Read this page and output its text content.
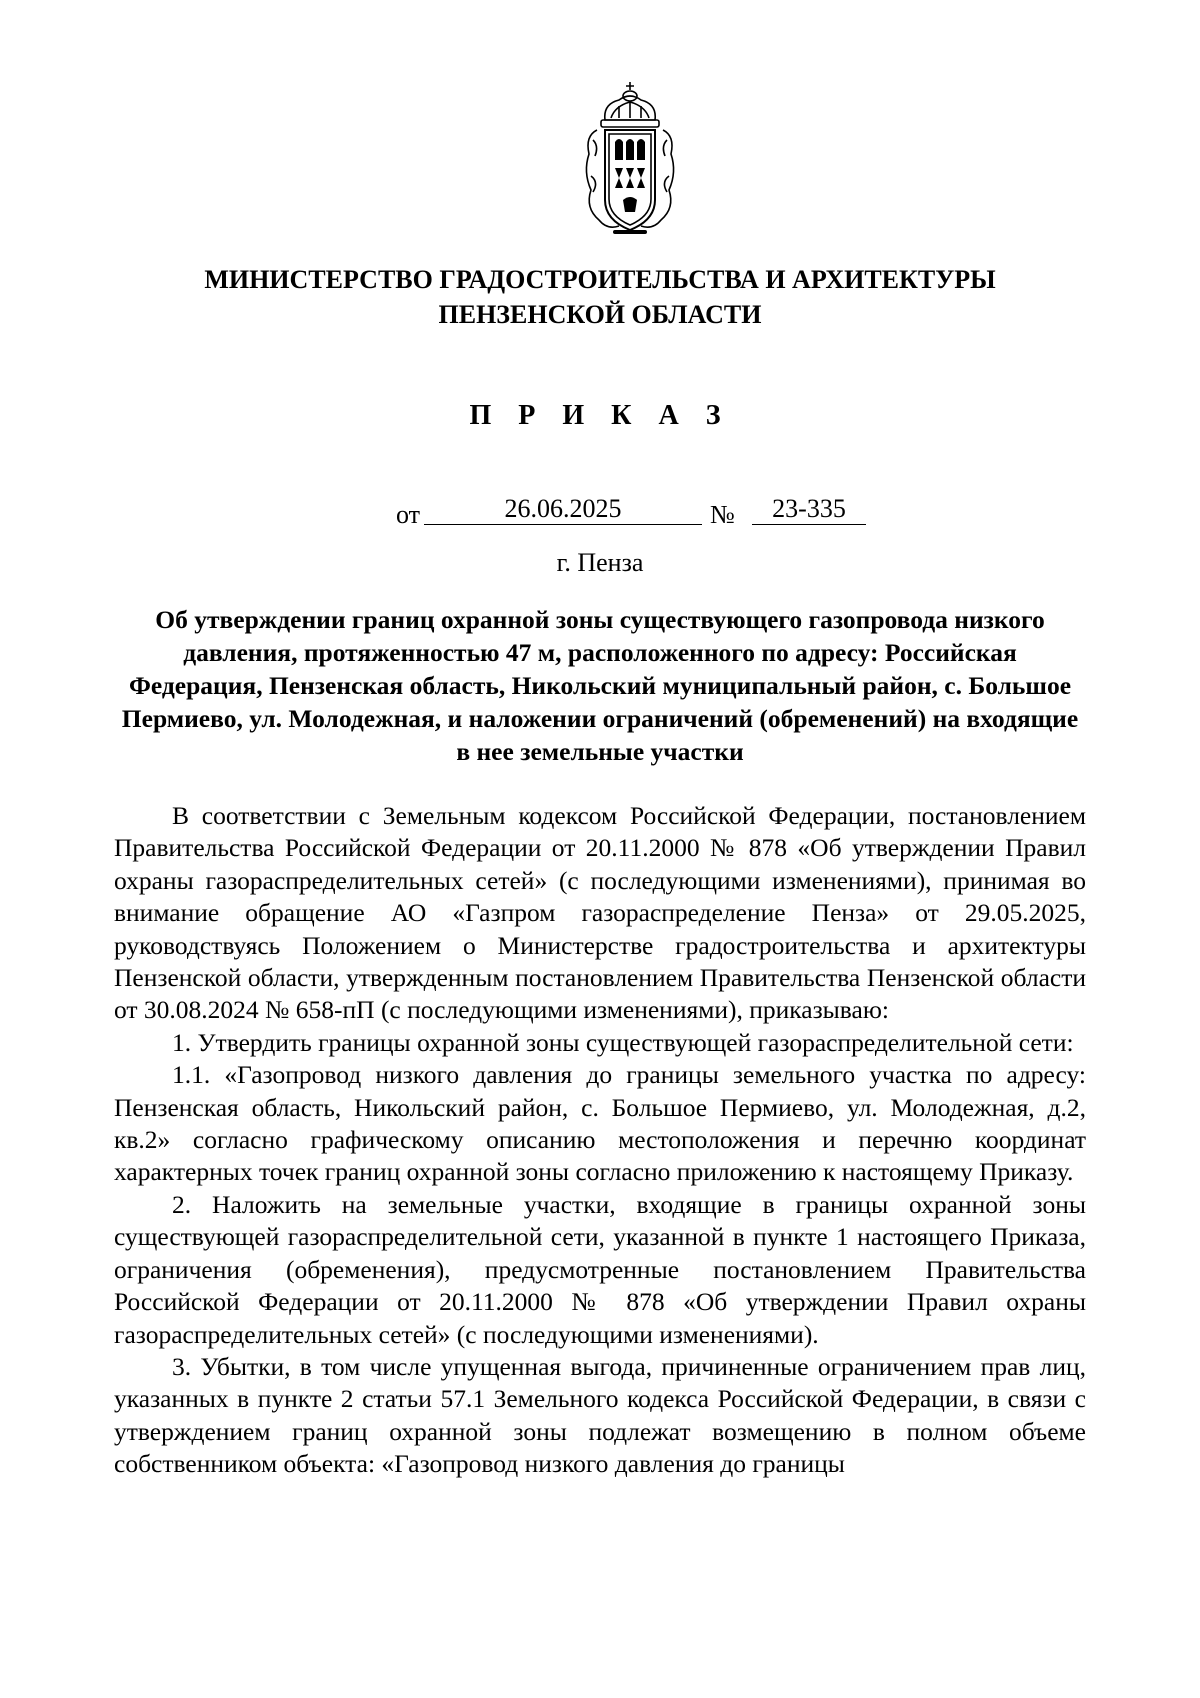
МИНИСТЕРСТВО ГРАДОСТРОИТЕЛЬСТВА И АРХИТЕКТУРЫ
ПЕНЗЕНСКОЙ ОБЛАСТИ
П Р И К А З
от	26.06.2025	№	23-335
г. Пенза
Об утверждении границ охранной зоны существующего газопровода низкого давления, протяженностью 47 м, расположенного по адресу: Российская Федерация, Пензенская область, Никольский муниципальный район, с. Большое Пермиево, ул. Молодежная, и наложении ограничений (обременений) на входящие в нее земельные участки

В соответствии с Земельным кодексом Российской Федерации, постановлением Правительства Российской Федерации от 20.11.2000 № 878 «Об утверждении Правил охраны газораспределительных сетей» (с последующими изменениями), принимая во внимание обращение АО «Газпром газораспределение Пенза» от 29.05.2025, руководствуясь Положением о Министерстве градостроительства и архитектуры Пензенской области, утвержденным постановлением Правительства Пензенской области от 30.08.2024 № 658-пП (с последующими изменениями), приказываю:

1. Утвердить границы охранной зоны существующей газораспределительной сети:

1.1. «Газопровод низкого давления до границы земельного участка по адресу: Пензенская область, Никольский район, с. Большое Пермиево, ул. Молодежная, д.2, кв.2» согласно графическому описанию местоположения и перечню координат характерных точек границ охранной зоны согласно приложению к настоящему Приказу.

2. Наложить на земельные участки, входящие в границы охранной зоны существующей газораспределительной сети, указанной в пункте 1 настоящего Приказа, ограничения (обременения), предусмотренные постановлением Правительства Российской Федерации от 20.11.2000 № 878 «Об утверждении Правил охраны газораспределительных сетей» (с последующими изменениями).

3. Убытки, в том числе упущенная выгода, причиненные ограничением прав лиц, указанных в пункте 2 статьи 57.1 Земельного кодекса Российской Федерации, в связи с утверждением границ охранной зоны подлежат возмещению в полном объеме собственником объекта: «Газопровод низкого давления до границы
